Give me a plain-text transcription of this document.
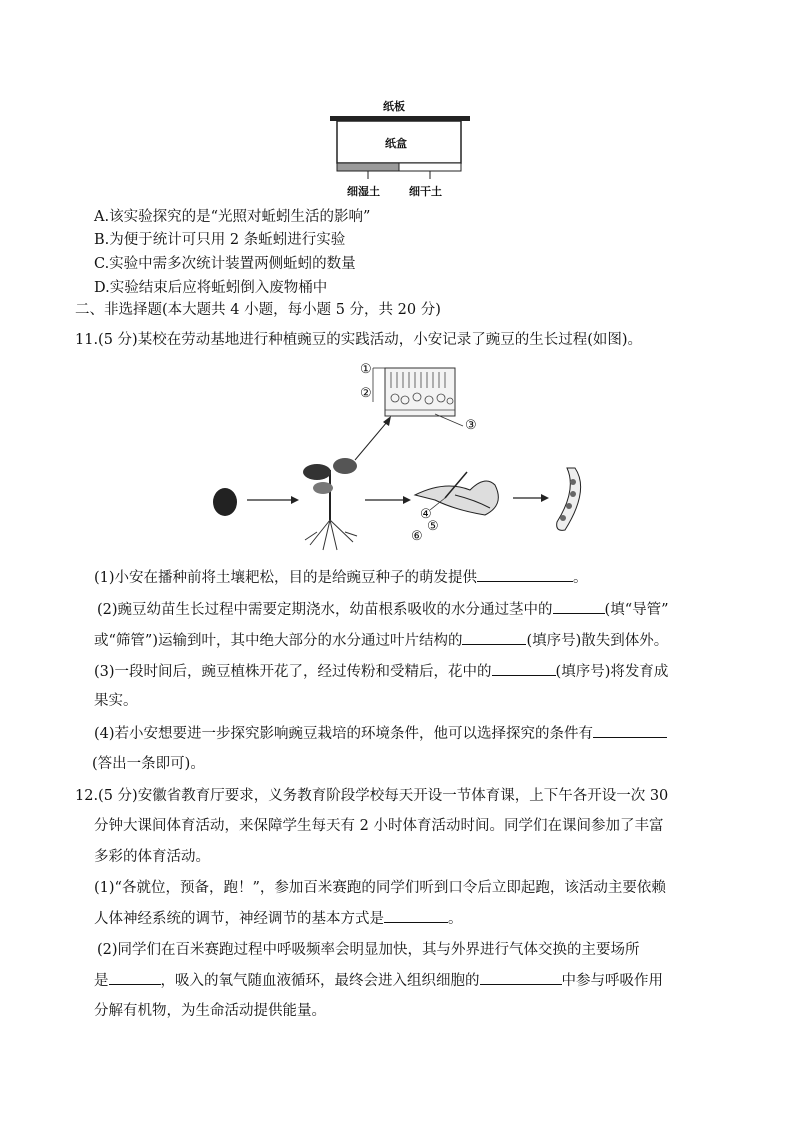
纸板
纸盒
细湿土	细干土
A.该实验探究的是“光照对蚯蚓生活的影响”
B.为便于统计可只用 2 条蚯蚓进行实验
C.实验中需多次统计装置两侧蚯蚓的数量
D.实验结束后应将蚯蚓倒入废物桶中
二、非选择题(本大题共 4 小题，每小题 5 分，共 20 分)
11.(5 分)某校在劳动基地进行种植豌豆的实践活动，小安记录了豌豆的生长过程(如图)。
①
②
③
④
⑤
⑥
(1)小安在播种前将土壤耙松，目的是给豌豆种子的萌发提供	。
(2)豌豆幼苗生长过程中需要定期浇水，幼苗根系吸收的水分通过茎中的	(填“导管”
或“筛管”)运输到叶，其中绝大部分的水分通过叶片结构的	(填序号)散失到体外。
(3)一段时间后，豌豆植株开花了，经过传粉和受精后，花中的	(填序号)将发育成
果实。
(4)若小安想要进一步探究影响豌豆栽培的环境条件，他可以选择探究的条件有
(答出一条即可)。
12.(5 分)安徽省教育厅要求，义务教育阶段学校每天开设一节体育课，上下午各开设一次 30
分钟大课间体育活动，来保障学生每天有 2 小时体育活动时间。同学们在课间参加了丰富
多彩的体育活动。
(1)“各就位，预备，跑！”，参加百米赛跑的同学们听到口令后立即起跑，该活动主要依赖
人体神经系统的调节，神经调节的基本方式是	。
(2)同学们在百米赛跑过程中呼吸频率会明显加快，其与外界进行气体交换的主要场所
是	，吸入的氧气随血液循环，最终会进入组织细胞的	中参与呼吸作用
分解有机物，为生命活动提供能量。
